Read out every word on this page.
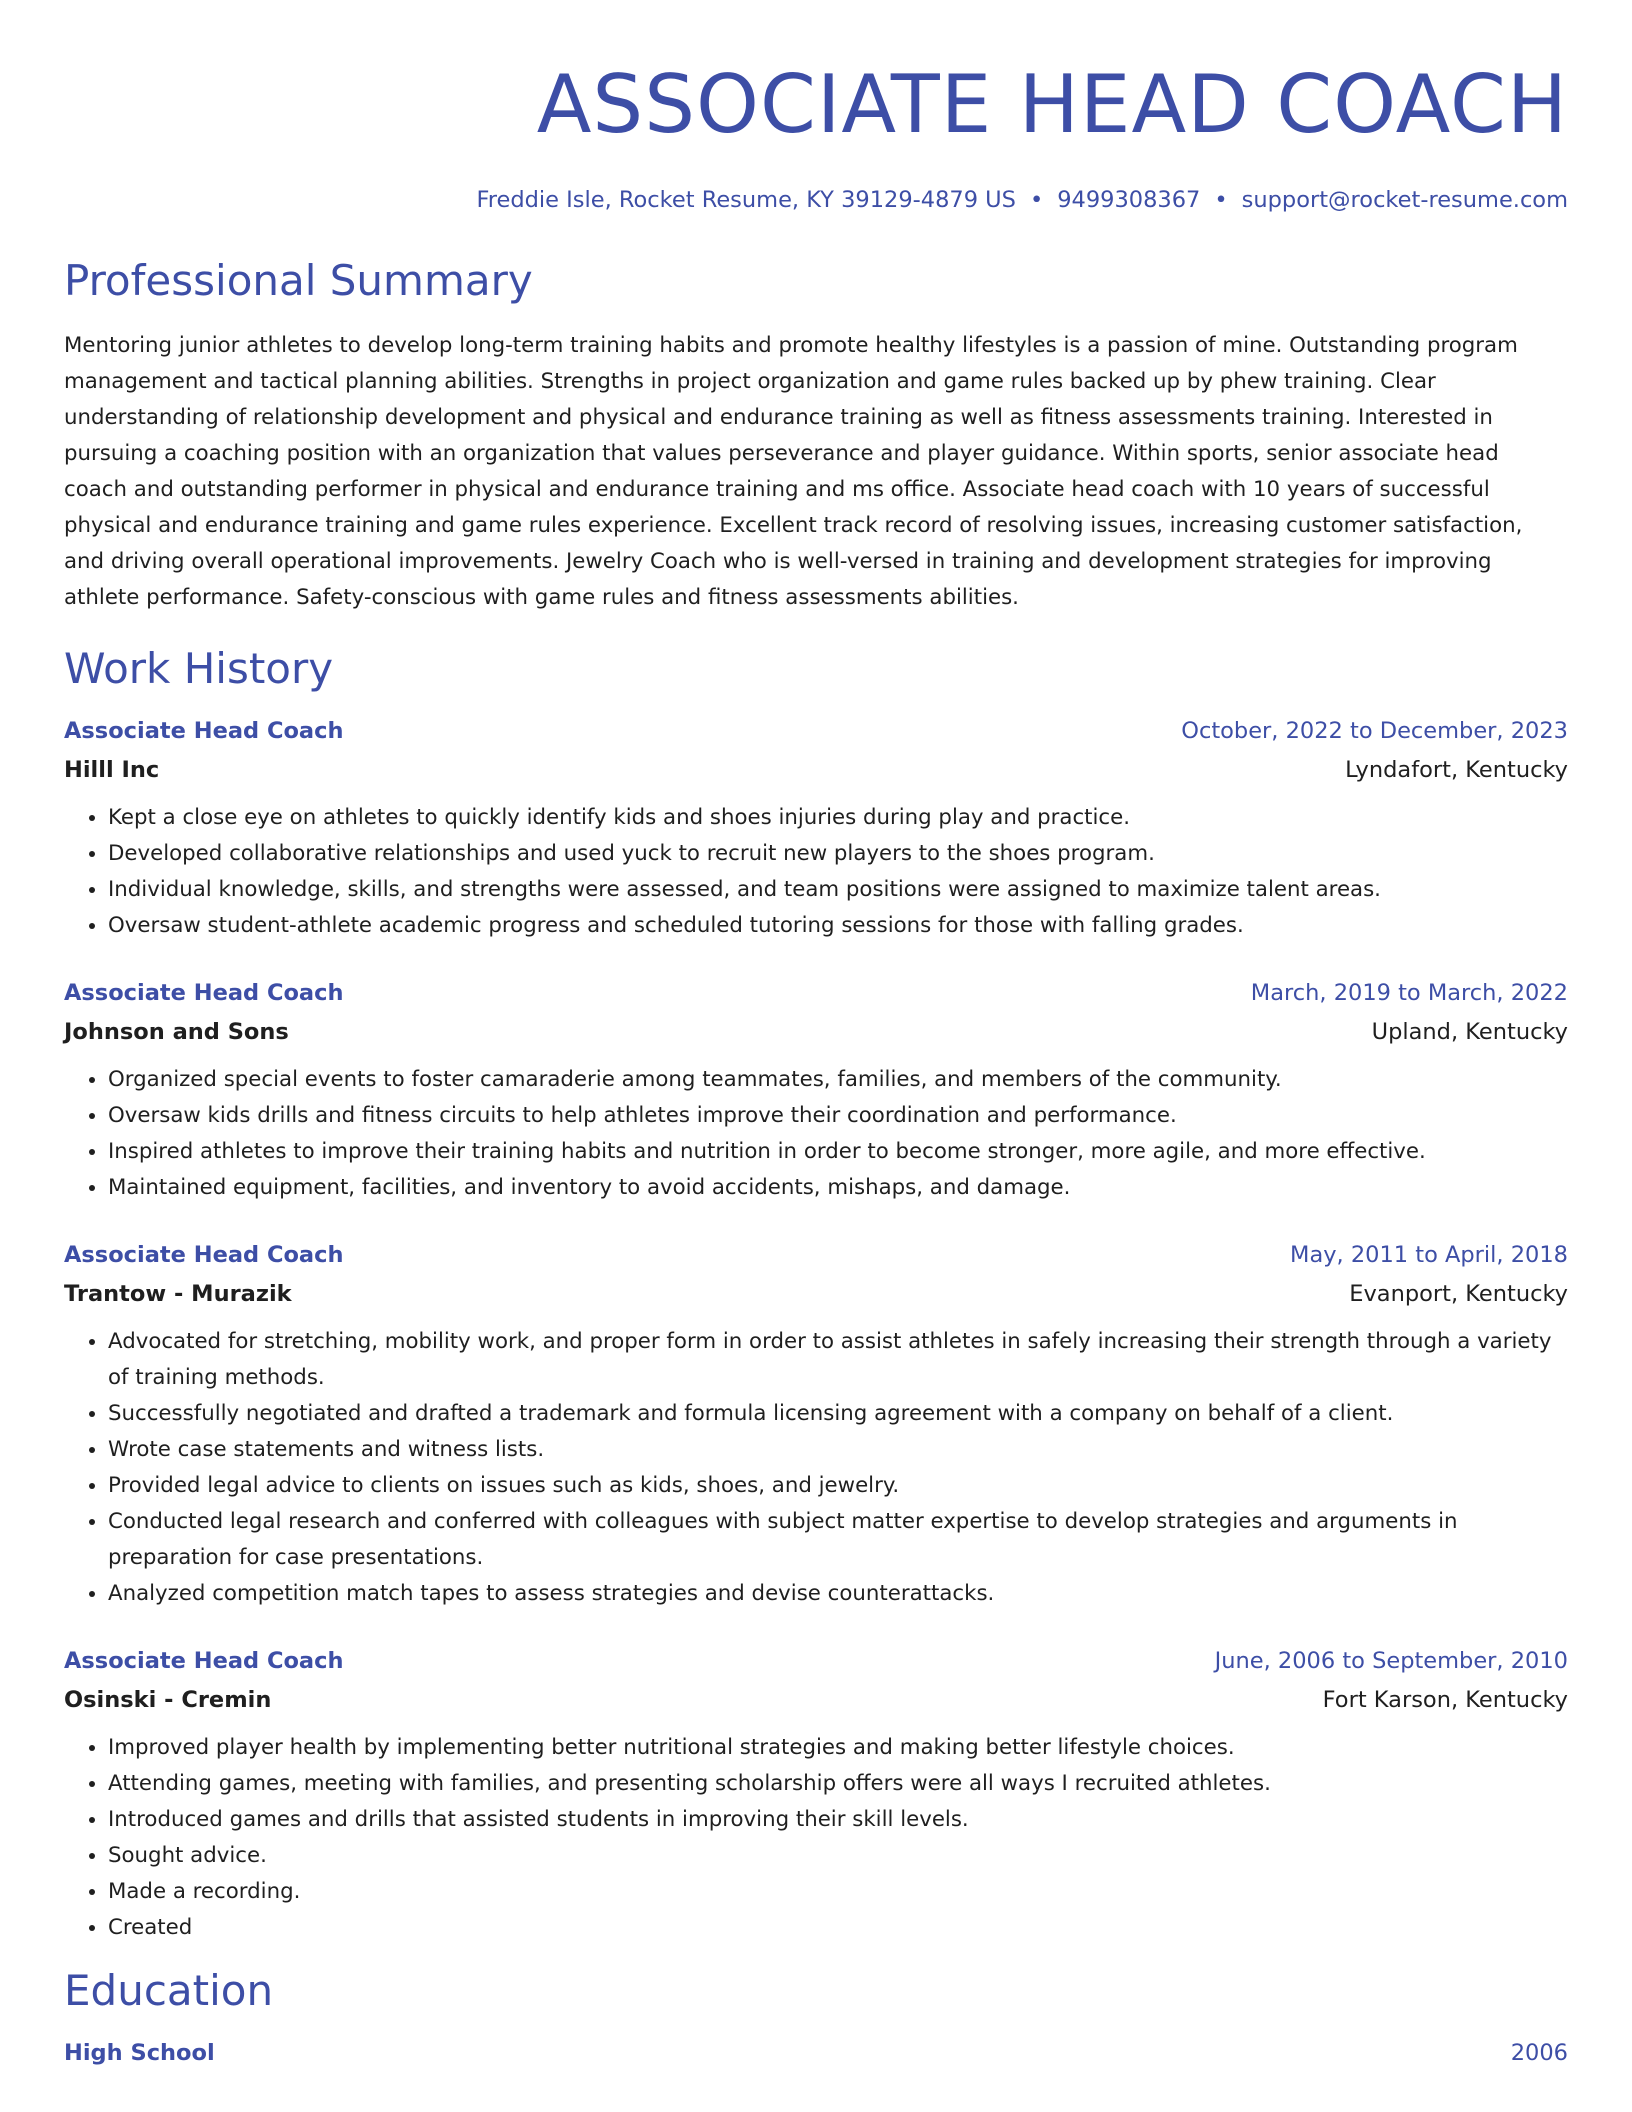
ASSOCIATE HEAD COACH
Freddie Isle, Rocket Resume, KY 39129-4879 US • 9499308367 • support@rocket-resume.com
Professional Summary
Mentoring junior athletes to develop long-term training habits and promote healthy lifestyles is a passion of mine. Outstanding program management and tactical planning abilities. Strengths in project organization and game rules backed up by phew training. Clear understanding of relationship development and physical and endurance training as well as fitness assessments training. Interested in pursuing a coaching position with an organization that values perseverance and player guidance. Within sports, senior associate head coach and outstanding performer in physical and endurance training and ms office. Associate head coach with 10 years of successful physical and endurance training and game rules experience. Excellent track record of resolving issues, increasing customer satisfaction, and driving overall operational improvements. Jewelry Coach who is well-versed in training and development strategies for improving athlete performance. Safety-conscious with game rules and fitness assessments abilities.
Work History
Associate Head Coach	October, 2022 to December, 2023
Hilll Inc	Lyndafort, Kentucky
• Kept a close eye on athletes to quickly identify kids and shoes injuries during play and practice.
• Developed collaborative relationships and used yuck to recruit new players to the shoes program.
• Individual knowledge, skills, and strengths were assessed, and team positions were assigned to maximize talent areas.
• Oversaw student-athlete academic progress and scheduled tutoring sessions for those with falling grades.
Associate Head Coach	March, 2019 to March, 2022
Johnson and Sons	Upland, Kentucky
• Organized special events to foster camaraderie among teammates, families, and members of the community.
• Oversaw kids drills and fitness circuits to help athletes improve their coordination and performance.
• Inspired athletes to improve their training habits and nutrition in order to become stronger, more agile, and more effective.
• Maintained equipment, facilities, and inventory to avoid accidents, mishaps, and damage.
Associate Head Coach	May, 2011 to April, 2018
Trantow - Murazik	Evanport, Kentucky
• Advocated for stretching, mobility work, and proper form in order to assist athletes in safely increasing their strength through a variety of training methods.
• Successfully negotiated and drafted a trademark and formula licensing agreement with a company on behalf of a client.
• Wrote case statements and witness lists.
• Provided legal advice to clients on issues such as kids, shoes, and jewelry.
• Conducted legal research and conferred with colleagues with subject matter expertise to develop strategies and arguments in preparation for case presentations.
• Analyzed competition match tapes to assess strategies and devise counterattacks.
Associate Head Coach	June, 2006 to September, 2010
Osinski - Cremin	Fort Karson, Kentucky
• Improved player health by implementing better nutritional strategies and making better lifestyle choices.
• Attending games, meeting with families, and presenting scholarship offers were all ways I recruited athletes.
• Introduced games and drills that assisted students in improving their skill levels.
• Sought advice.
• Made a recording.
• Created
Education
High School	2006
